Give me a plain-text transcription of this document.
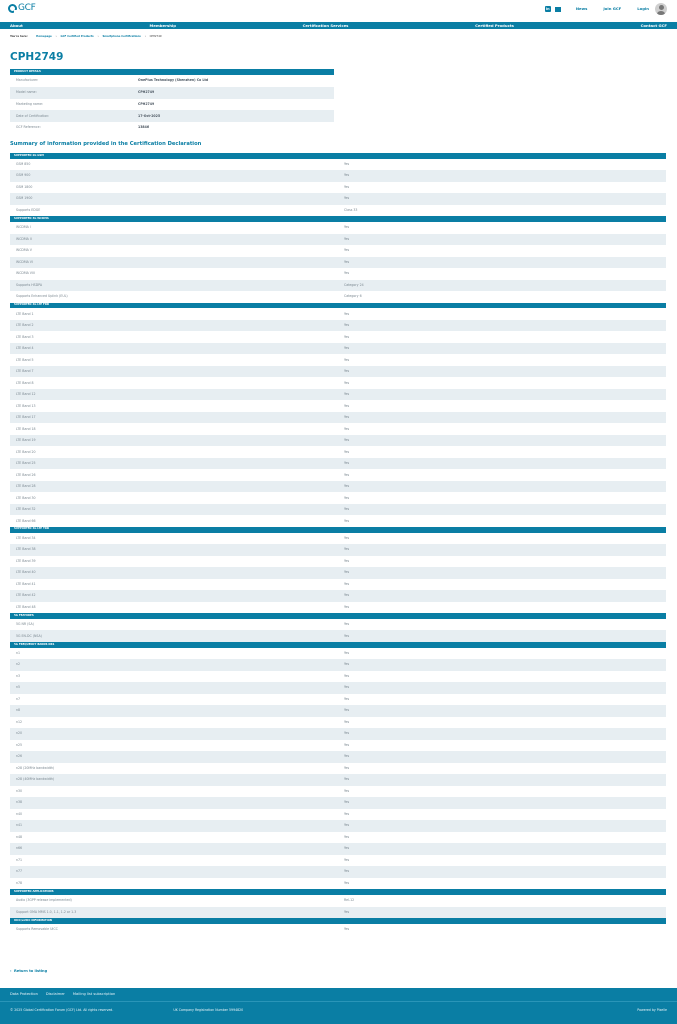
GCF	in	News	Join GCF	Login
About	Membership	Certification Services	Certified Products	Contact GCF
You're here:	Homepage › GCF Certified Products › Smartphone Certifications › CPH2749
CPH2749
PRODUCT DETAILS
Manufacturer:	OnePlus Technology (Shenzhen) Co Ltd
Model name:	CPH2749
Marketing name:	CPH2749
Date of Certification:	17-Oct-2025
GCF Reference:	13846
Summary of information provided in the Certification Declaration
SUPPORTED 2G GSM
GSM 850	Yes
GSM 900	Yes
GSM 1800	Yes
GSM 1900	Yes
Supports EDGE	Class 33
SUPPORTED 3G WCDMA
WCDMA I	Yes
WCDMA II	Yes
WCDMA V	Yes
WCDMA VI	Yes
WCDMA VIII	Yes
Supports HSDPA	Category 24
Supports Enhanced Uplink (EUL)	Category 6
SUPPORTED 4G LTE FDD
LTE Band 1	Yes
LTE Band 2	Yes
LTE Band 3	Yes
LTE Band 4	Yes
LTE Band 5	Yes
LTE Band 7	Yes
LTE Band 8	Yes
LTE Band 12	Yes
LTE Band 13	Yes
LTE Band 17	Yes
LTE Band 18	Yes
LTE Band 19	Yes
LTE Band 20	Yes
LTE Band 25	Yes
LTE Band 26	Yes
LTE Band 28	Yes
LTE Band 30	Yes
LTE Band 32	Yes
LTE Band 66	Yes
SUPPORTED 4G LTE TDD
LTE Band 34	Yes
LTE Band 38	Yes
LTE Band 39	Yes
LTE Band 40	Yes
LTE Band 41	Yes
LTE Band 42	Yes
LTE Band 48	Yes
5G FEATURES
5G NR (SA)	Yes
5G EN-DC (NSA)	Yes
5G FREQUENCY BANDS NR1
n1	Yes
n2	Yes
n3	Yes
n5	Yes
n7	Yes
n8	Yes
n12	Yes
n20	Yes
n25	Yes
n26	Yes
n28 (20MHz bandwidth)	Yes
n28 (40MHz bandwidth)	Yes
n30	Yes
n38	Yes
n40	Yes
n41	Yes
n48	Yes
n66	Yes
n71	Yes
n77	Yes
n78	Yes
SUPPORTED APPLICATIONS
Audio (3GPP release implemented)	Rel-12
Support OMA MMS 1.0, 1.1, 1.2 or 1.3	Yes
UICC/eUICC INFORMATION
Supports Removable UICC	Yes
‹ Return to listing
Data Protection Disclaimer Mailing list subscription
© 2025 Global Certification Forum (GCF) Ltd. All rights reserved.	UK Company Registration Number 5994820	Powered by Pixelle
